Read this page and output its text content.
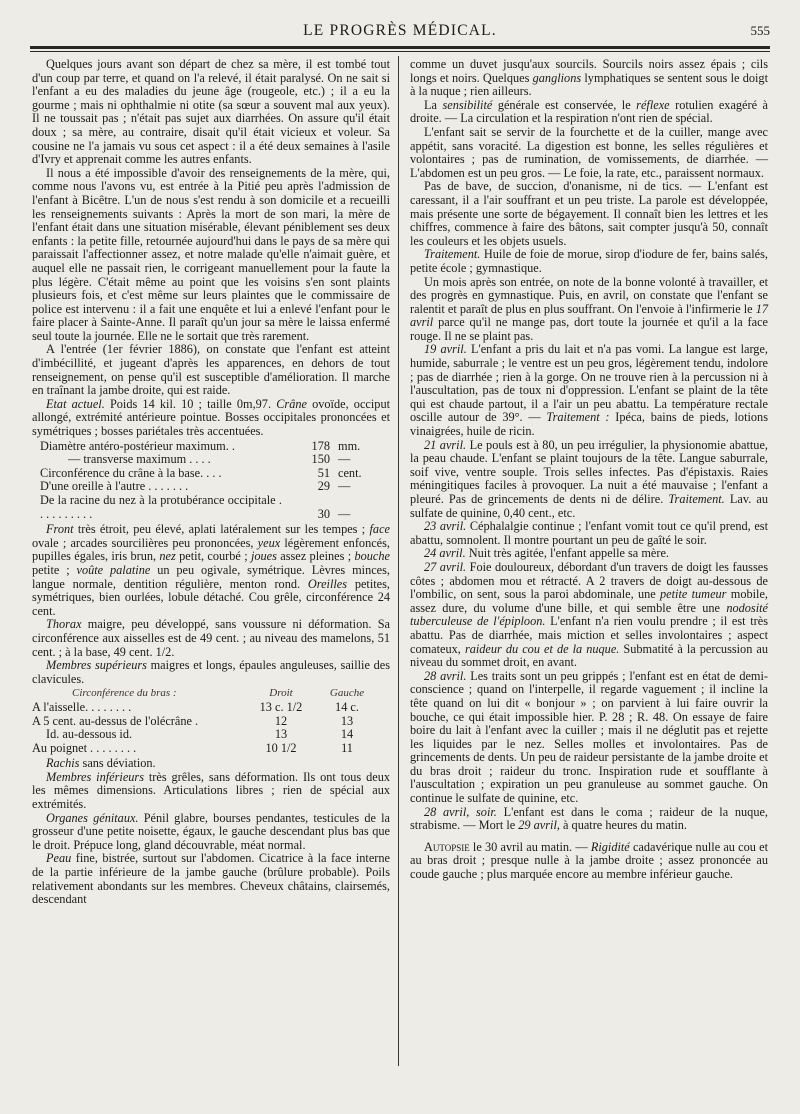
LE PROGRÈS MÉDICAL.	555

Quelques jours avant son départ de chez sa mère, il est tombé tout d'un coup par terre, et quand on l'a relevé, il était paralysé. On ne sait si l'enfant a eu des maladies du jeune âge (rougeole, etc.) ; il a eu la gourme ; mais ni ophthalmie ni otite (sa sœur a souvent mal aux yeux). Il ne toussait pas ; n'était pas sujet aux diarrhées. On assure qu'il était doux ; sa mère, au contraire, disait qu'il était vicieux et voleur. Sa cousine ne l'a jamais vu sous cet aspect : il a été deux semaines à l'asile d'Ivry et apprenait comme les autres enfants.

Il nous a été impossible d'avoir des renseignements de la mère, qui, comme nous l'avons vu, est entrée à la Pitié peu après l'admission de l'enfant à Bicêtre. L'un de nous s'est rendu à son domicile et a recueilli les renseignements suivants : Après la mort de son mari, la mère de l'enfant était dans une situation misérable, élevant péniblement ses deux enfants : la petite fille, retournée aujourd'hui dans le pays de sa mère qui paraissait l'affectionner assez, et notre malade qu'elle n'aimait guère, et auquel elle ne passait rien, le corrigeant manuellement pour la faute la plus légère. C'était même au point que les voisins s'en sont plaints plusieurs fois, et c'est même sur leurs plaintes que le commissaire de police est intervenu : il a fait une enquête et lui a enlevé l'enfant pour le faire placer à Sainte-Anne. Il paraît qu'un jour sa mère le laissa enfermé seul toute la journée. Elle ne le sortait que très rarement.

A l'entrée (1er février 1886), on constate que l'enfant est atteint d'imbécillité, et jugeant d'après les apparences, en dehors de tout renseignement, on pense qu'il est susceptible d'amélioration. Il marche en traînant la jambe droite, qui est raide.

Etat actuel. Poids 14 kil. 10 ; taille 0m,97. Crâne ovoïde, occiput allongé, extrémité antérieure pointue. Bosses occipitales prononcées et symétriques ; bosses pariétales très accentuées.

Diamètre antéro-postérieur maximum. .	178	mm.
— transverse maximum . . . .	150	—
Circonférence du crâne à la base. . . .	51	cent.
D'une oreille à l'autre . . . . . . .	29	—
De la racine du nez à la protubérance occipitale . . . . . . . . . .	30	—

Front très étroit, peu élevé, aplati latéralement sur les tempes ; face ovale ; arcades sourcilières peu prononcées, yeux légèrement enfoncés, pupilles égales, iris brun, nez petit, courbé ; joues assez pleines ; bouche petite ; voûte palatine un peu ogivale, symétrique. Lèvres minces, langue normale, dentition régulière, menton rond. Oreilles petites, symétriques, bien ourlées, lobule détaché. Cou grêle, circonférence 24 cent.

Thorax maigre, peu développé, sans voussure ni déformation. Sa circonférence aux aisselles est de 49 cent. ; au niveau des mamelons, 51 cent. ; à la base, 49 cent. 1/2.

Membres supérieurs maigres et longs, épaules anguleuses, saillie des clavicules.

Circonférence du bras :	Droit	Gauche
A l'aisselle. . . . . . . .	13 c. 1/2	14 c.
A 5 cent. au-dessus de l'olécrâne .	12	13
Id. au-dessous id.	13	14
Au poignet . . . . . . . .	10 1/2	11

Rachis sans déviation.

Membres inférieurs très grêles, sans déformation. Ils ont tous deux les mêmes dimensions. Articulations libres ; rien de spécial aux extrémités.

Organes génitaux. Pénil glabre, bourses pendantes, testicules de la grosseur d'une petite noisette, égaux, le gauche descendant plus bas que le droit. Prépuce long, gland découvrable, méat normal.

Peau fine, bistrée, surtout sur l'abdomen. Cicatrice à la face interne de la partie inférieure de la jambe gauche (brûlure probable). Poils relativement abondants sur les membres. Cheveux châtains, clairsemés, descendant

comme un duvet jusqu'aux sourcils. Sourcils noirs assez épais ; cils longs et noirs. Quelques ganglions lymphatiques se sentent sous le doigt à la nuque ; rien ailleurs.

La sensibilité générale est conservée, le réflexe rotulien exagéré à droite. — La circulation et la respiration n'ont rien de spécial.

L'enfant sait se servir de la fourchette et de la cuiller, mange avec appétit, sans voracité. La digestion est bonne, les selles régulières et volontaires ; pas de rumination, de vomissements, de diarrhée. — L'abdomen est un peu gros. — Le foie, la rate, etc., paraissent normaux.

Pas de bave, de succion, d'onanisme, ni de tics. — L'enfant est caressant, il a l'air souffrant et un peu triste. La parole est développée, mais présente une sorte de bégayement. Il connaît bien les lettres et les chiffres, commence à faire des bâtons, sait compter jusqu'à 50, connaît les couleurs et les objets usuels.

Traitement. Huile de foie de morue, sirop d'iodure de fer, bains salés, petite école ; gymnastique.

Un mois après son entrée, on note de la bonne volonté à travailler, et des progrès en gymnastique. Puis, en avril, on constate que l'enfant se ralentit et paraît de plus en plus souffrant. On l'envoie à l'infirmerie le 17 avril parce qu'il ne mange pas, dort toute la journée et qu'il a la face rouge. Il ne se plaint pas.

19 avril. L'enfant a pris du lait et n'a pas vomi. La langue est large, humide, saburrale ; le ventre est un peu gros, légèrement tendu, indolore ; pas de diarrhée ; rien à la gorge. On ne trouve rien à la percussion ni à l'auscultation, pas de toux ni d'oppression. L'enfant se plaint de la tête qui est chaude partout, il a l'air un peu abattu. La température rectale oscille autour de 39°. — Traitement : Ipéca, bains de pieds, lotions vinaigrées, huile de ricin.

21 avril. Le pouls est à 80, un peu irrégulier, la physionomie abattue, la peau chaude. L'enfant se plaint toujours de la tête. Langue saburrale, soif vive, ventre souple. Trois selles infectes. Pas d'épistaxis. Raies méningitiques faciles à provoquer. La nuit a été mauvaise ; l'enfant a pleuré. Pas de grincements de dents ni de délire. Traitement. Lav. au sulfate de quinine, 0,40 cent., etc.

23 avril. Céphalalgie continue ; l'enfant vomit tout ce qu'il prend, est abattu, somnolent. Il montre pourtant un peu de gaîté le soir.

24 avril. Nuit très agitée, l'enfant appelle sa mère.

27 avril. Foie douloureux, débordant d'un travers de doigt les fausses côtes ; abdomen mou et rétracté. A 2 travers de doigt au-dessous de l'ombilic, on sent, sous la paroi abdominale, une petite tumeur mobile, assez dure, du volume d'une bille, et qui semble être une nodosité tuberculeuse de l'épiploon. L'enfant n'a rien voulu prendre ; il est très abattu. Pas de diarrhée, mais miction et selles involontaires ; aspect comateux, raideur du cou et de la nuque. Submatité à la percussion au niveau du sommet droit, en avant.

28 avril. Les traits sont un peu grippés ; l'enfant est en état de demi-conscience ; quand on l'interpelle, il regarde vaguement ; il incline la tête quand on lui dit « bonjour » ; on parvient à lui faire ouvrir la bouche, ce qui était impossible hier. P. 28 ; R. 48. On essaye de faire boire du lait à l'enfant avec la cuiller ; mais il ne déglutit pas et rejette les liquides par le nez. Selles molles et involontaires. Pas de grincements de dents. Un peu de raideur persistante de la jambe droite et du bras droit ; raideur du tronc. Inspiration rude et soufflante à l'auscultation ; expiration un peu granuleuse au sommet gauche. On continue le sulfate de quinine, etc.

28 avril, soir. L'enfant est dans le coma ; raideur de la nuque, strabisme. — Mort le 29 avril, à quatre heures du matin.

Autopsie le 30 avril au matin. — Rigidité cadavérique nulle au cou et au bras droit ; presque nulle à la jambe droite ; assez prononcée au coude gauche ; plus marquée encore au membre inférieur gauche.
